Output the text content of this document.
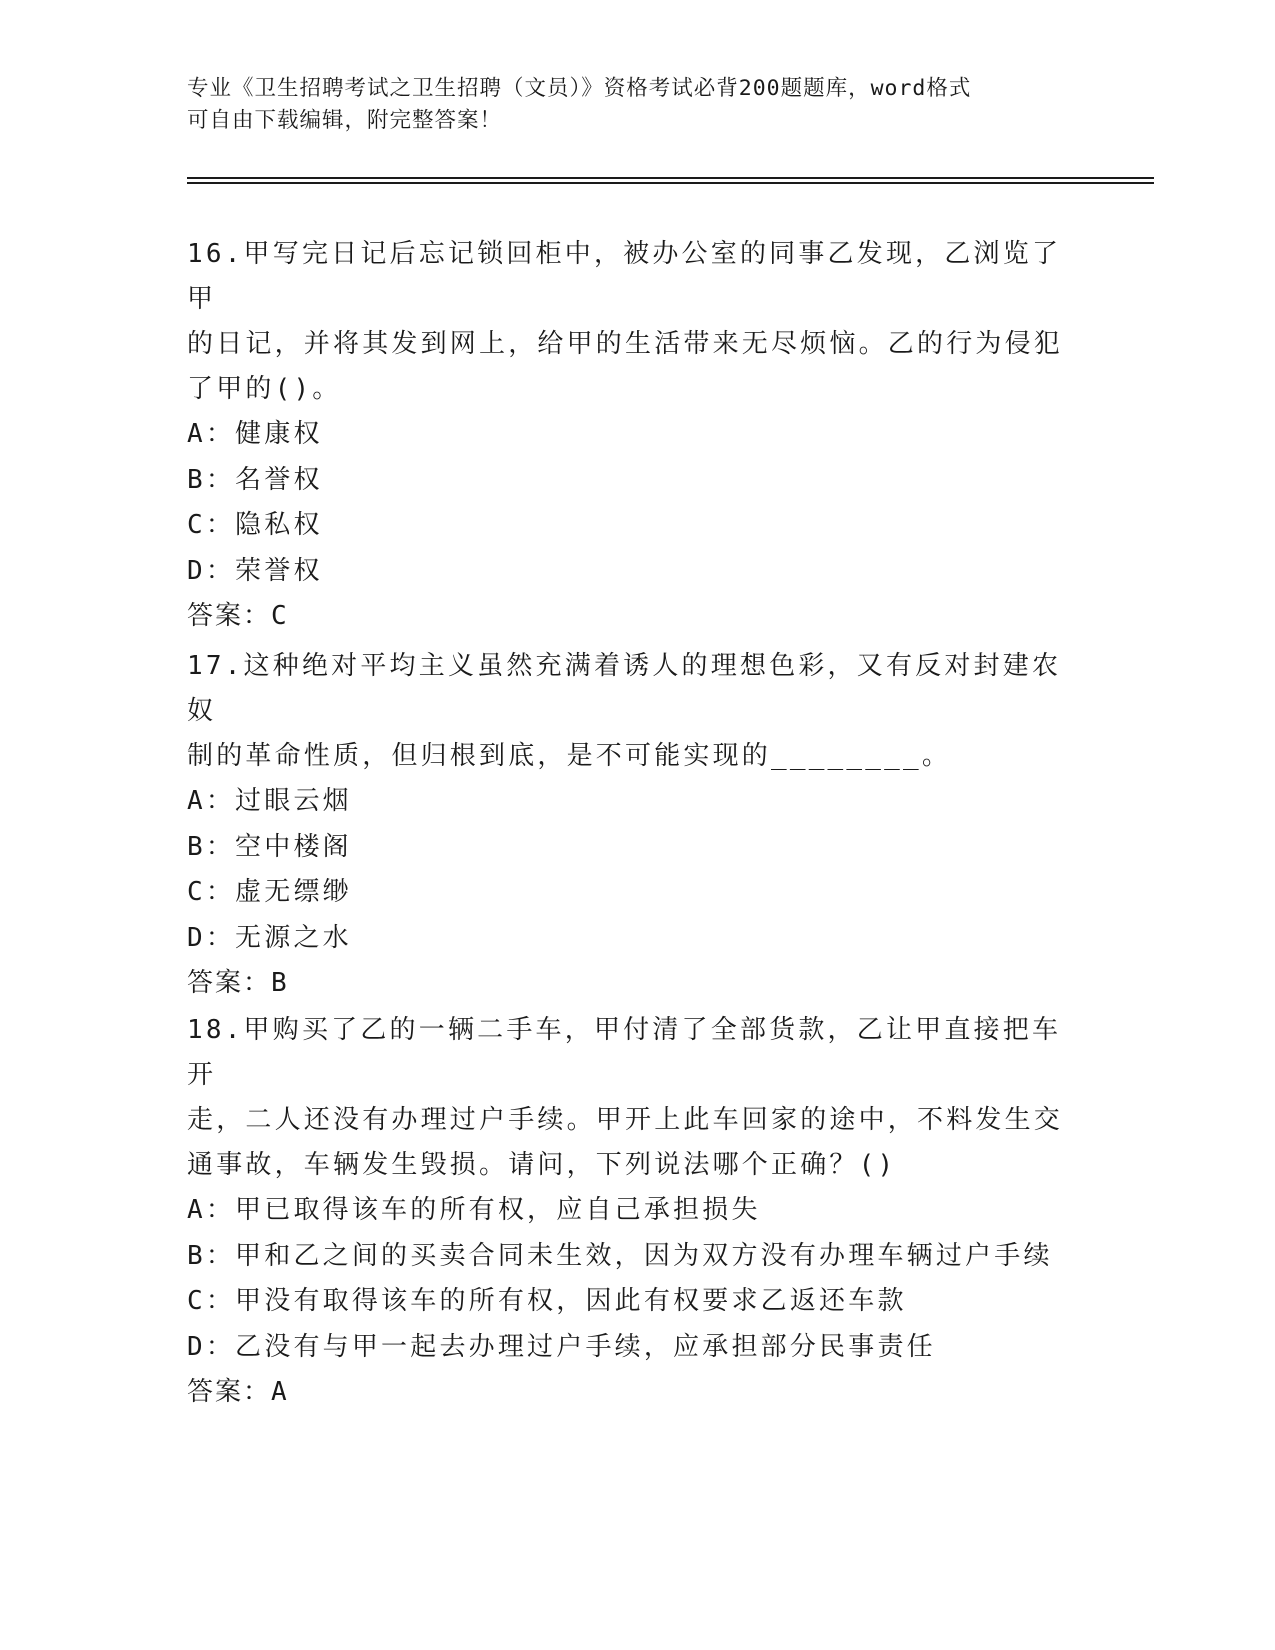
专业《卫生招聘考试之卫生招聘（文员）》资格考试必背200题题库，word格式
可自由下载编辑，附完整答案！

16.甲写完日记后忘记锁回柜中，被办公室的同事乙发现，乙浏览了甲

的日记，并将其发到网上，给甲的生活带来无尽烦恼。乙的行为侵犯

了甲的()。

A：健康权

B：名誉权

C：隐私权

D：荣誉权

答案：C

17.这种绝对平均主义虽然充满着诱人的理想色彩，又有反对封建农奴

制的革命性质，但归根到底，是不可能实现的________。

A：过眼云烟

B：空中楼阁

C：虚无缥缈

D：无源之水

答案：B

18.甲购买了乙的一辆二手车，甲付清了全部货款，乙让甲直接把车开

走，二人还没有办理过户手续。甲开上此车回家的途中，不料发生交

通事故，车辆发生毁损。请问，下列说法哪个正确？()

A：甲已取得该车的所有权，应自己承担损失

B：甲和乙之间的买卖合同未生效，因为双方没有办理车辆过户手续

C：甲没有取得该车的所有权，因此有权要求乙返还车款

D：乙没有与甲一起去办理过户手续，应承担部分民事责任

答案：A
